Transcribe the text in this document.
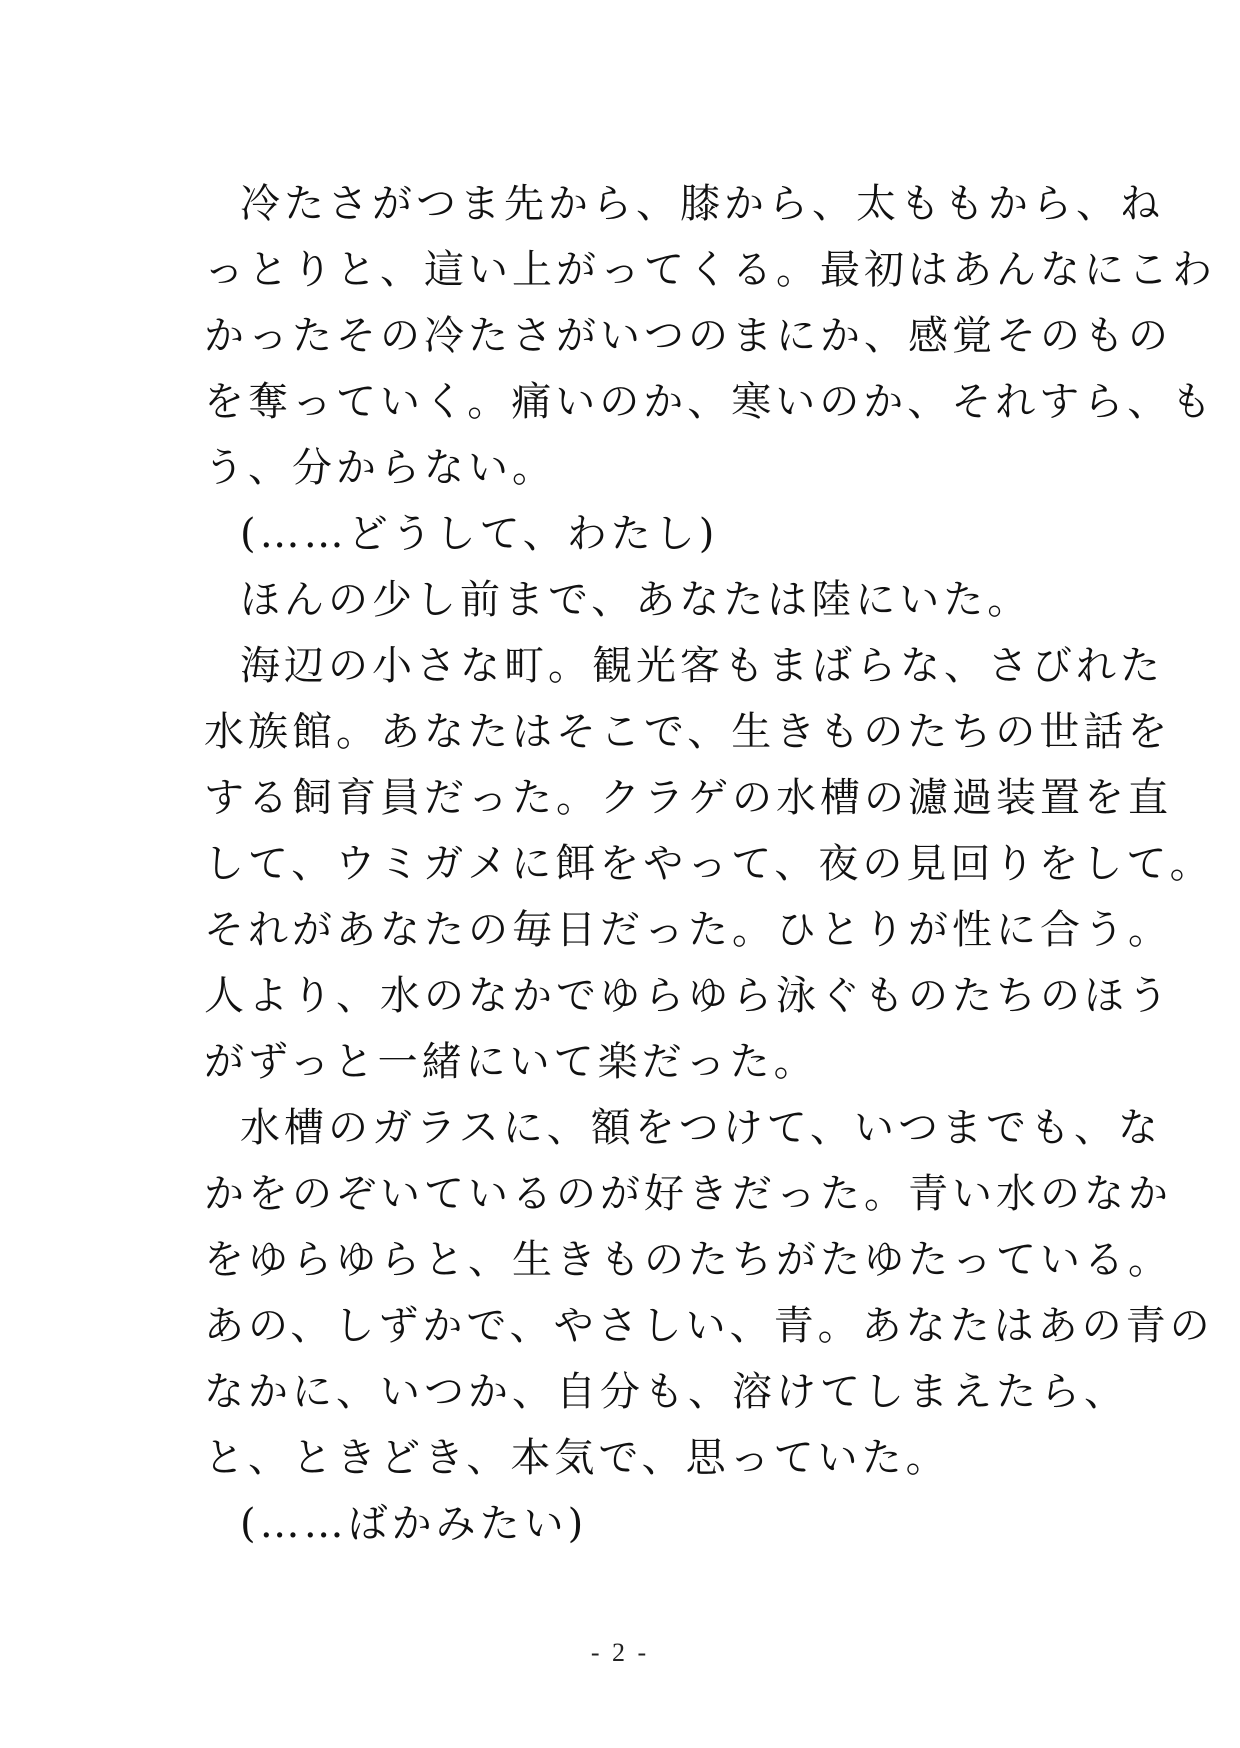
冷たさがつま先から、膝から、太ももから、ね
っとりと、這い上がってくる。最初はあんなにこわ
かったその冷たさがいつのまにか、感覚そのもの
を奪っていく。痛いのか、寒いのか、それすら、も
う、分からない。

(……どうして、わたし)

ほんの少し前まで、あなたは陸にいた。

海辺の小さな町。観光客もまばらな、さびれた
水族館。あなたはそこで、生きものたちの世話を
する飼育員だった。クラゲの水槽の濾過装置を直
して、ウミガメに餌をやって、夜の見回りをして。
それがあなたの毎日だった。ひとりが性に合う。
人より、水のなかでゆらゆら泳ぐものたちのほう
がずっと一緒にいて楽だった。

水槽のガラスに、額をつけて、いつまでも、な
かをのぞいているのが好きだった。青い水のなか
をゆらゆらと、生きものたちがたゆたっている。
あの、しずかで、やさしい、青。あなたはあの青の
なかに、いつか、自分も、溶けてしまえたら、
と、ときどき、本気で、思っていた。

(……ばかみたい)

- 2 -
